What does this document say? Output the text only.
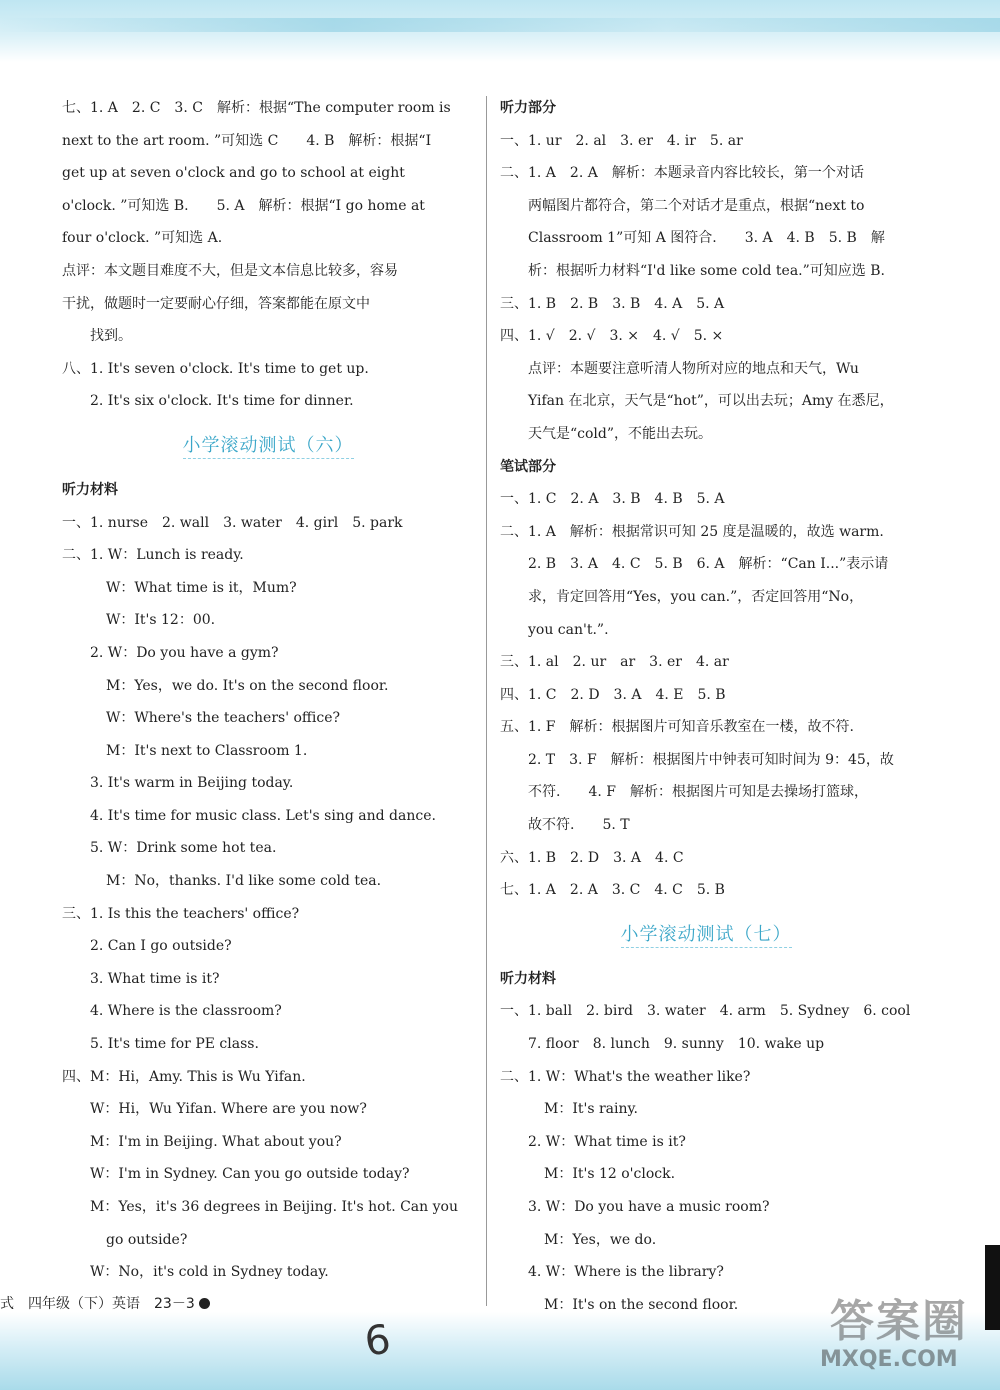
七、1. A　2. C　3. C　解析：根据“The computer room is
next to the art room. ”可知选 C　　4. B　解析：根据“I
get up at seven o'clock and go to school at eight
o'clock. ”可知选 B.　　5. A　解析：根据“I go home at
four o'clock. ”可知选 A.
点评：本文题目难度不大，但是文本信息比较多，容易
干扰，做题时一定要耐心仔细，答案都能在原文中
找到。
八、1. It's seven o'clock. It's time to get up.
2. It's six o'clock. It's time for dinner.
小学滚动测试（六）
听力材料
一、1. nurse　2. wall　3. water　4. girl　5. park
二、1. W：Lunch is ready.
W：What time is it，Mum?
W：It's 12：00.
2. W：Do you have a gym?
M：Yes，we do. It's on the second floor.
W：Where's the teachers' office?
M：It's next to Classroom 1.
3. It's warm in Beijing today.
4. It's time for music class. Let's sing and dance.
5. W：Drink some hot tea.
M：No，thanks. I'd like some cold tea.
三、1. Is this the teachers' office?
2. Can I go outside?
3. What time is it?
4. Where is the classroom?
5. It's time for PE class.
四、M：Hi，Amy. This is Wu Yifan.
W：Hi，Wu Yifan. Where are you now?
M：I'm in Beijing. What about you?
W：I'm in Sydney. Can you go outside today?
M：Yes，it's 36 degrees in Beijing. It's hot. Can you
go outside?
W：No，it's cold in Sydney today.
听力部分
一、1. ur　2. al　3. er　4. ir　5. ar
二、1. A　2. A　解析：本题录音内容比较长，第一个对话
两幅图片都符合，第二个对话才是重点，根据“next to
Classroom 1”可知 A 图符合.　　3. A　4. B　5. B　解
析：根据听力材料“I'd like some cold tea.”可知应选 B.
三、1. B　2. B　3. B　4. A　5. A
四、1. √　2. √　3. ×　4. √　5. ×
点评：本题要注意听清人物所对应的地点和天气，Wu
Yifan 在北京，天气是“hot”，可以出去玩；Amy 在悉尼，
天气是“cold”，不能出去玩。
笔试部分
一、1. C　2. A　3. B　4. B　5. A
二、1. A　解析：根据常识可知 25 度是温暖的，故选 warm.
2. B　3. A　4. C　5. B　6. A　解析：“Can I...”表示请
求，肯定回答用“Yes，you can.”，否定回答用“No，
you can't.”.
三、1. al　2. ur　ar　3. er　4. ar
四、1. C　2. D　3. A　4. E　5. B
五、1. F　解析：根据图片可知音乐教室在一楼，故不符.
2. T　3. F　解析：根据图片中钟表可知时间为 9：45，故
不符.　　4. F　解析：根据图片可知是去操场打篮球，
故不符.　　5. T
六、1. B　2. D　3. A　4. C
七、1. A　2. A　3. C　4. C　5. B
小学滚动测试（七）
听力材料
一、1. ball　2. bird　3. water　4. arm　5. Sydney　6. cool
7. floor　8. lunch　9. sunny　10. wake up
二、1. W：What's the weather like?
M：It's rainy.
2. W：What time is it?
M：It's 12 o'clock.
3. W：Do you have a music room?
M：Yes，we do.
4. W：Where is the library?
M：It's on the second floor.
式　四年级（下）英语　23－3
6	答案圈
MXQE.COM
